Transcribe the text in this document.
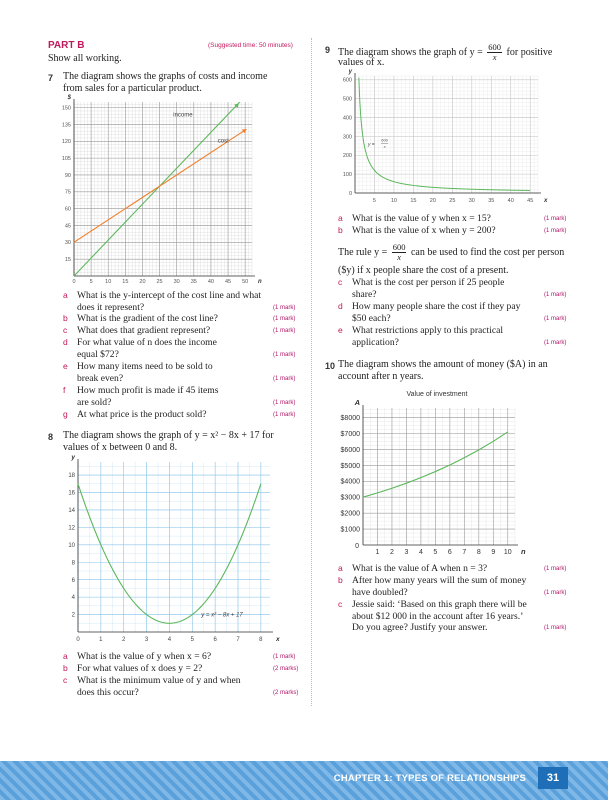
PART B	(Suggested time: 50 minutes)
Show all working.
7 The diagram shows the graphs of costs and income
from sales for a particular product.
0	5 10 15 20 25 30 35 40 45 50
15
30
45
60
75
90
105
120
135
150
n
$
income
cost
a What is the y-intercept of the cost line and what
does it represent?	(1 mark)
b What is the gradient of the cost line?	(1 mark)
c What does that gradient represent?	(1 mark)
d For what value of n does the income
equal $72?	(1 mark)
e How many items need to be sold to
break even?	(1 mark)
f How much profit is made if 45 items
are sold?	(1 mark)
g At what price is the product sold?	(1 mark)
8 The diagram shows the graph of y = x² − 8x + 17 for
values of x between 0 and 8.
0	1	2	3	4	5	6	7	8
2
4
6
8
10
12
14
16
18
x
y
y = x² − 8x + 17
a What is the value of y when x = 6?	(1 mark)
b For what values of x does y = 2?	(2 marks)
c What is the minimum value of y and when
does this occur?	(2 marks)
9 The diagram shows the graph of $y = \frac{600}{x}$ for positive
values of x.
5	10 15 20 25 30 35 40 45
0
100
200
300
400
500
600
x
y
y =
600
x
a What is the value of y when x = 15?	(1 mark)
b What is the value of x when y = 200?	(1 mark)
The rule $y = \frac{600}{x}$ can be used to find the cost per person
($y) if x people share the cost of a present.
c What is the cost per person if 25 people
share?	(1 mark)
d How many people share the cost if they pay
$50 each?	(1 mark)
e What restrictions apply to this practical
application?	(1 mark)
10 The diagram shows the amount of money ($A) in an
account after n years.
1 2 3 4 5 6 7 8 9 10
$1000
$2000
$3000
$4000
$5000
$6000
$7000
$8000
n
A
0
Value of investment
a What is the value of A when n = 3?	(1 mark)
b After how many years will the sum of money
have doubled?	(1 mark)
c Jessie said: ‘Based on this graph there will be
about $12 000 in the account after 16 years.’
Do you agree? Justify your answer.	(1 mark)
CHAPTER 1: TYPES OF RELATIONSHIPS	31
